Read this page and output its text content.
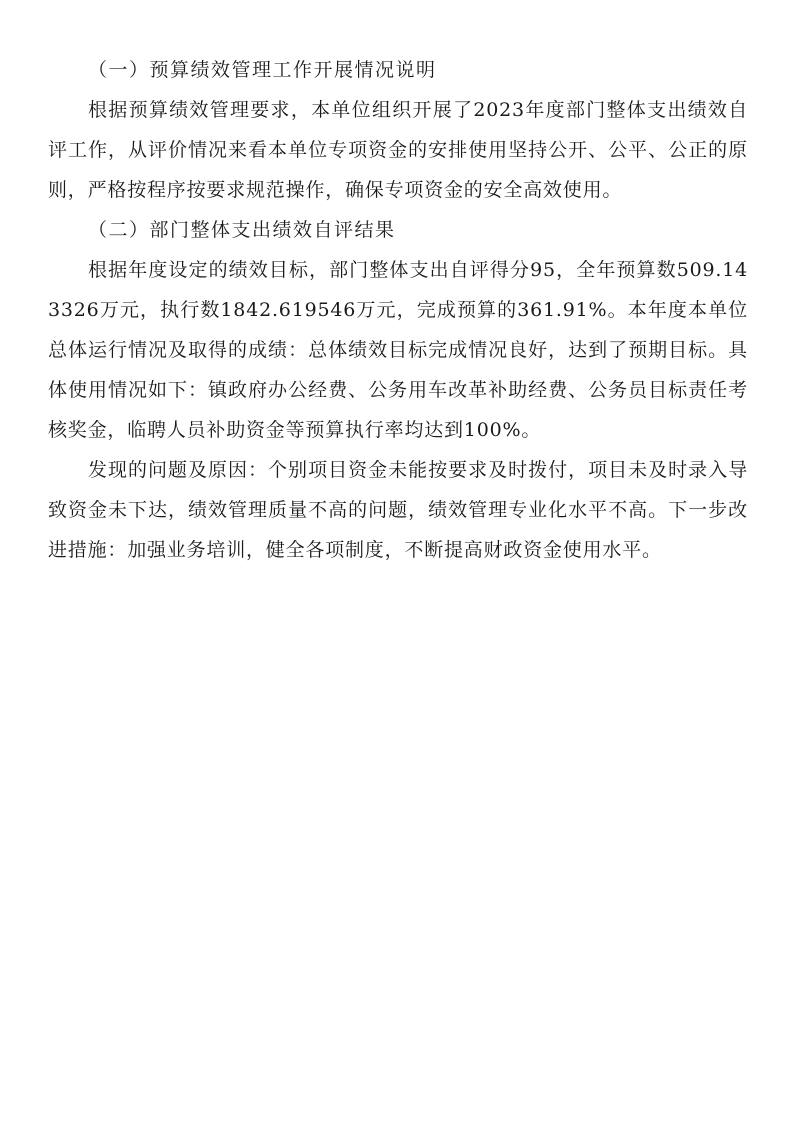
（一）预算绩效管理工作开展情况说明

根据预算绩效管理要求，本单位组织开展了2023年度部门整体支出绩效自评工作，从评价情况来看本单位专项资金的安排使用坚持公开、公平、公正的原则，严格按程序按要求规范操作，确保专项资金的安全高效使用。

（二）部门整体支出绩效自评结果

根据年度设定的绩效目标，部门整体支出自评得分95，全年预算数509.143326万元，执行数1842.619546万元，完成预算的361.91%。本年度本单位总体运行情况及取得的成绩：总体绩效目标完成情况良好，达到了预期目标。具体使用情况如下：镇政府办公经费、公务用车改革补助经费、公务员目标责任考核奖金，临聘人员补助资金等预算执行率均达到100%。

发现的问题及原因：个别项目资金未能按要求及时拨付，项目未及时录入导致资金未下达，绩效管理质量不高的问题，绩效管理专业化水平不高。下一步改进措施：加强业务培训，健全各项制度，不断提高财政资金使用水平。
